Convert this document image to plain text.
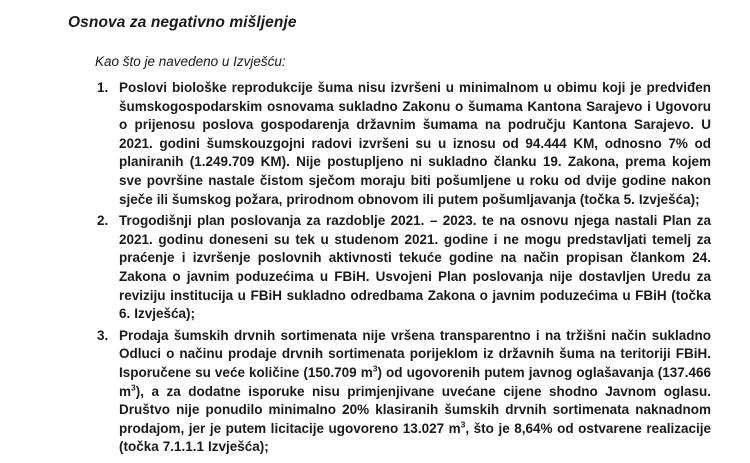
Osnova za negativno mišljenje
Kao što je navedeno u Izvješću:
1. Poslovi biološke reprodukcije šuma nisu izvršeni u minimalnom u obimu koji je predviđen šumskogospodarskim osnovama sukladno Zakonu o šumama Kantona Sarajevo i Ugovoru o prijenosu poslova gospodarenja državnim šumama na području Kantona Sarajevo. U 2021. godini šumskouzgojni radovi izvršeni su u iznosu od 94.444 KM, odnosno 7% od planiranih (1.249.709 KM). Nije postupljeno ni sukladno članku 19. Zakona, prema kojem sve površine nastale čistom sječom moraju biti pošumljene u roku od dvije godine nakon sječe ili šumskog požara, prirodnom obnovom ili putem pošumljavanja (točka 5. Izvješća);
2. Trogodišnji plan poslovanja za razdoblje 2021. – 2023. te na osnovu njega nastali Plan za 2021. godinu doneseni su tek u studenom 2021. godine i ne mogu predstavljati temelj za praćenje i izvršenje poslovnih aktivnosti tekuće godine na način propisan člankom 24. Zakona o javnim poduzećima u FBiH. Usvojeni Plan poslovanja nije dostavljen Uredu za reviziju institucija u FBiH sukladno odredbama Zakona o javnim poduzećima u FBiH (točka 6. Izvješća);
3. Prodaja šumskih drvnih sortimenata nije vršena transparentno i na tržišni način sukladno Odluci o načinu prodaje drvnih sortimenata porijeklom iz državnih šuma na teritoriji FBiH. Isporučene su veće količine (150.709 $m^3$) od ugovorenih putem javnog oglašavanja (137.466 $m^3$), a za dodatne isporuke nisu primjenjivane uvećane cijene shodno Javnom oglasu. Društvo nije ponudilo minimalno 20% klasiranih šumskih drvnih sortimenata naknadnom prodajom, jer je putem licitacije ugovoreno 13.027 $m^3$, što je 8,64% od ostvarene realizacije (točka 7.1.1.1 Izvješća);
